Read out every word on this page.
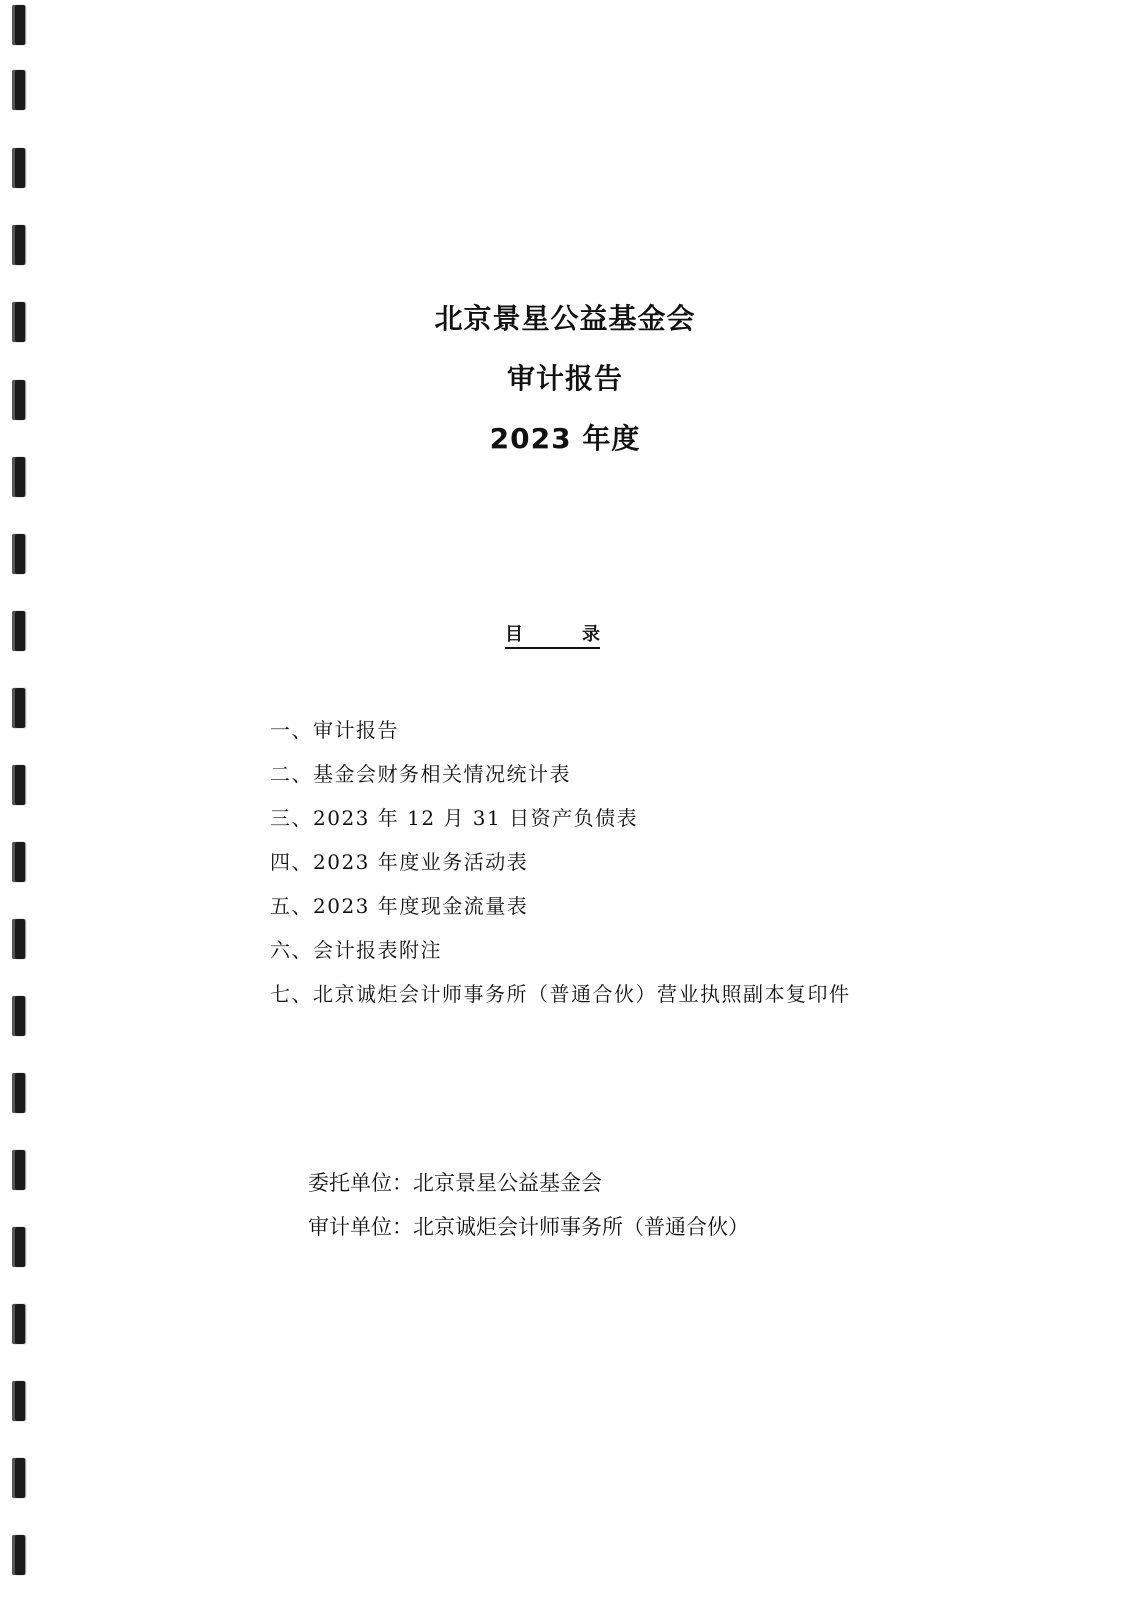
北京景星公益基金会
审计报告
2023 年度
目	录
一、审计报告
二、基金会财务相关情况统计表
三、2023 年 12 月 31 日资产负债表
四、2023 年度业务活动表
五、2023 年度现金流量表
六、会计报表附注
七、北京诚炬会计师事务所（普通合伙）营业执照副本复印件
委托单位：北京景星公益基金会
审计单位：北京诚炬会计师事务所（普通合伙）
